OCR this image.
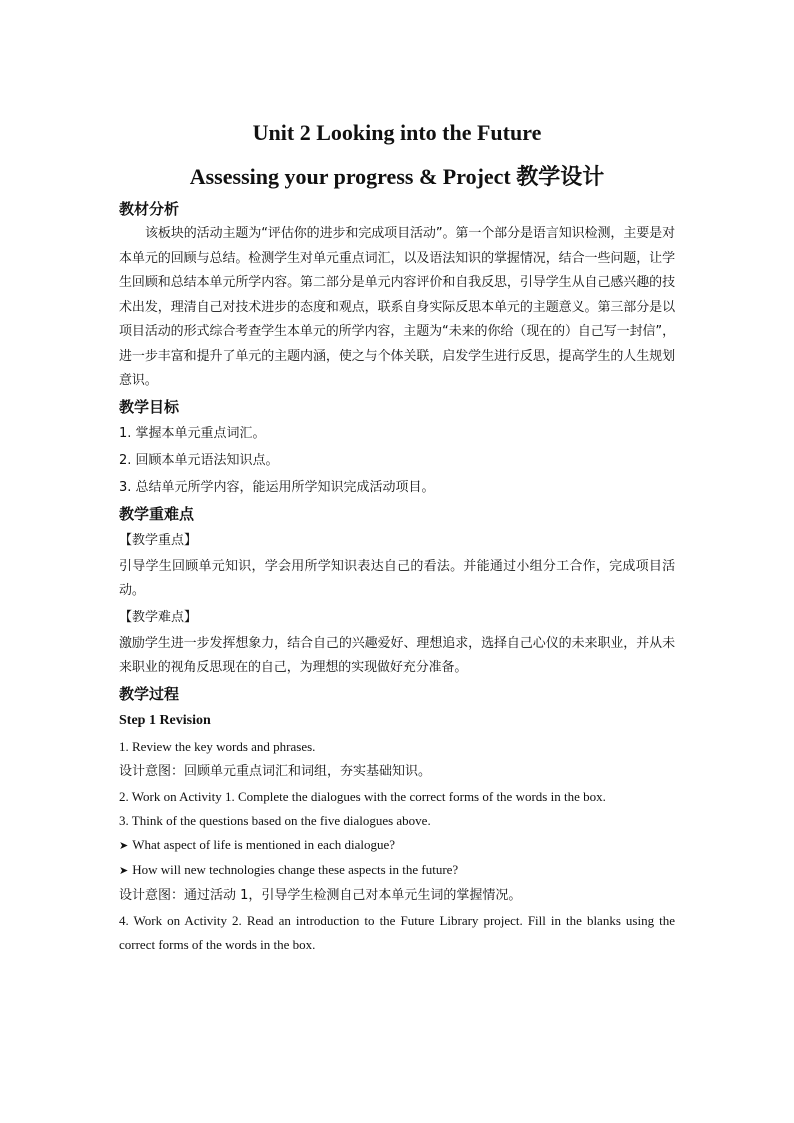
Unit 2 Looking into the Future
Assessing your progress & Project 教学设计

教材分析

该板块的活动主题为“评估你的进步和完成项目活动”。第一个部分是语言知识检测，主要是对本单元的回顾与总结。检测学生对单元重点词汇，以及语法知识的掌握情况，结合一些问题，让学生回顾和总结本单元所学内容。第二部分是单元内容评价和自我反思，引导学生从自己感兴趣的技术出发，理清自己对技术进步的态度和观点，联系自身实际反思本单元的主题意义。第三部分是以项目活动的形式综合考查学生本单元的所学内容，主题为“未来的你给（现在的）自己写一封信”，进一步丰富和提升了单元的主题内涵，使之与个体关联，启发学生进行反思，提高学生的人生规划意识。

教学目标

1. 掌握本单元重点词汇。

2. 回顾本单元语法知识点。

3. 总结单元所学内容，能运用所学知识完成活动项目。

教学重难点

【教学重点】

引导学生回顾单元知识，学会用所学知识表达自己的看法。并能通过小组分工合作，完成项目活动。

【教学难点】

激励学生进一步发挥想象力，结合自己的兴趣爱好、理想追求，选择自己心仪的未来职业，并从未来职业的视角反思现在的自己，为理想的实现做好充分准备。

教学过程

Step 1 Revision

1. Review the key words and phrases.

设计意图：回顾单元重点词汇和词组，夯实基础知识。

2. Work on Activity 1. Complete the dialogues with the correct forms of the words in the box.

3. Think of the questions based on the five dialogues above.

➤ What aspect of life is mentioned in each dialogue?

➤ How will new technologies change these aspects in the future?

设计意图：通过活动 1，引导学生检测自己对本单元生词的掌握情况。

4. Work on Activity 2. Read an introduction to the Future Library project. Fill in the blanks using the correct forms of the words in the box.
